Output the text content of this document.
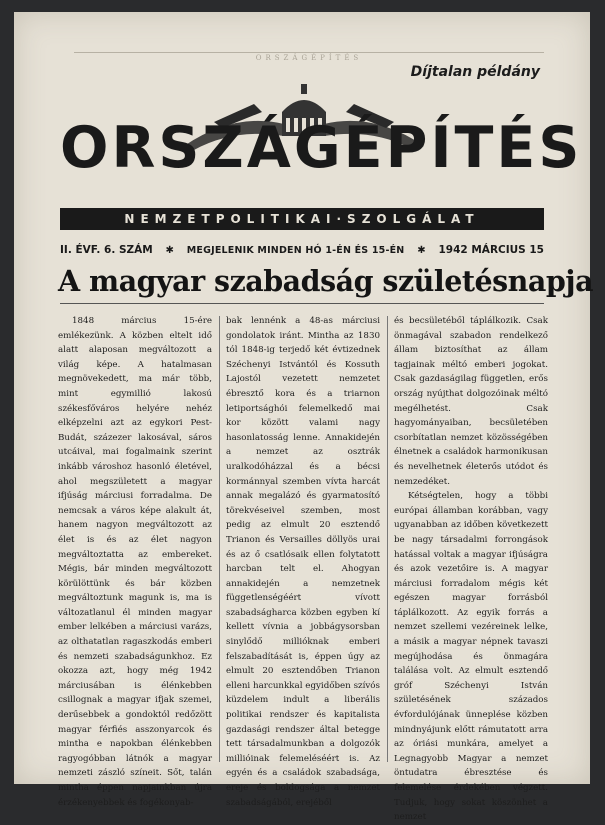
ORSZÁGÉPÍTÉS
Díjtalan példány
ORSZÁGÉPÍTÉS
NEMZETPOLITIKAI·SZOLGÁLAT
II. ÉVF. 6. SZÁM ✱ MEGJELENIK MINDEN HÓ 1-ÉN ÉS 15-ÉN ✱ 1942 MÁRCIUS 15
A magyar szabadság születésnapja

1848 március 15-ére emlékezünk. A közben eltelt idő alatt alaposan megváltozott a világ képe. A hatalmasan megnövekedett, ma már több, mint egymillió lakosú székesfőváros helyére nehéz elképzelni azt az egykori Pest-Budát, százezer lakosával, sáros utcáival, mai fogalmaink szerint inkább városhoz hasonló életével, ahol megszületett a magyar ifjúság márciusi forradalma. De nemcsak a város képe alakult át, hanem nagyon megváltozott az élet is és az élet nagyon megváltoztatta az embereket. Mégis, bár minden megváltozott körülöttünk és bár közben megváltoztunk magunk is, ma is változatlanul él minden magyar ember lelkében a márciusi varázs, az olthatatlan ragaszkodás emberi és nemzeti szabadságunkhoz. Ez okozza azt, hogy még 1942 márciusában is élénkebben csillognak a magyar ifjak szemei, derűsebbek a gondoktól redőzött magyar férfiés asszonyarcok és mintha e napokban élénkebben ragyogóbban látnók a magyar nemzeti zászló színeit. Sőt, talán mintha éppen napjainkban újra érzékenyebbek és fogékonyab-

bak lennénk a 48-as márciusi gondolatok iránt. Mintha az 1830 tól 1848-ig terjedő két évtizednek Széchenyi Istvántól és Kossuth Lajostól vezetett nemzetet ébresztő kora és a triarnon letiportsághói felemelkedő mai kor között valami nagy hasonlatosság lenne. Annakidején a nemzet az osztrák uralkodóházzal és a bécsi kormánnyal szemben vívta harcát annak megalázó és gyarmatosító törekvéseivel szemben, most pedig az elmult 20 esztendő Trianon és Versailles döllyös urai és az ő csatlósaik ellen folytatott harcban telt el. Ahogyan annakidején a nemzetnek függetlenségéért vívott szabadságharca közben egyben kí kellett vívnia a jobbágysorsban sinylődő millióknak emberi felszabadítását is, éppen úgy az elmult 20 esztendőben Trianon elleni harcunkkal egyidőben szívós küzdelem indult a liberális politikai rendszer és kapitalista gazdasági rendszer által betegge tett társadalmunkban a dolgozók millióinak felemeléséért is. Az egyén és a családok szabadsága, ereje és boldogsága a nemzet szabadságából, erejéből

és becsületéből táplálkozik. Csak önmagával szabadon rendelkező állam biztosíthat az állam tagjainak méltó emberi jogokat. Csak gazdaságilag független, erős ország nyújthat dolgozóinak méltó megélhetést. Csak hagyományaiban, becsületében csorbítatlan nemzet közösségében élnetnek a családok harmonikusan és nevelhetnek életerős utódot és nemzedéket.

Kétségtelen, hogy a többi európai államban korábban, vagy ugyanabban az időben következett be nagy társadalmi forrongások hatással voltak a magyar ifjúságra és azok vezetőire is. A magyar márciusi forradalom mégis két egészen magyar forrásból táplálkozott. Az egyik forrás a nemzet szellemi vezéreinek lelke, a másik a magyar népnek tavaszi megújhodása és önmagára találása volt. Az elmult esztendő gróf Széchenyi István születésének százados évfordulójának ünneplése közben mindnyájunk előtt rámutatott arra az óriási munkára, amelyet a Legnagyobb Magyar a nemzet öntudatra ébresztése és felemelése érdekében végzett. Tudjuk, hogy sokat köszönhet a nemzet
